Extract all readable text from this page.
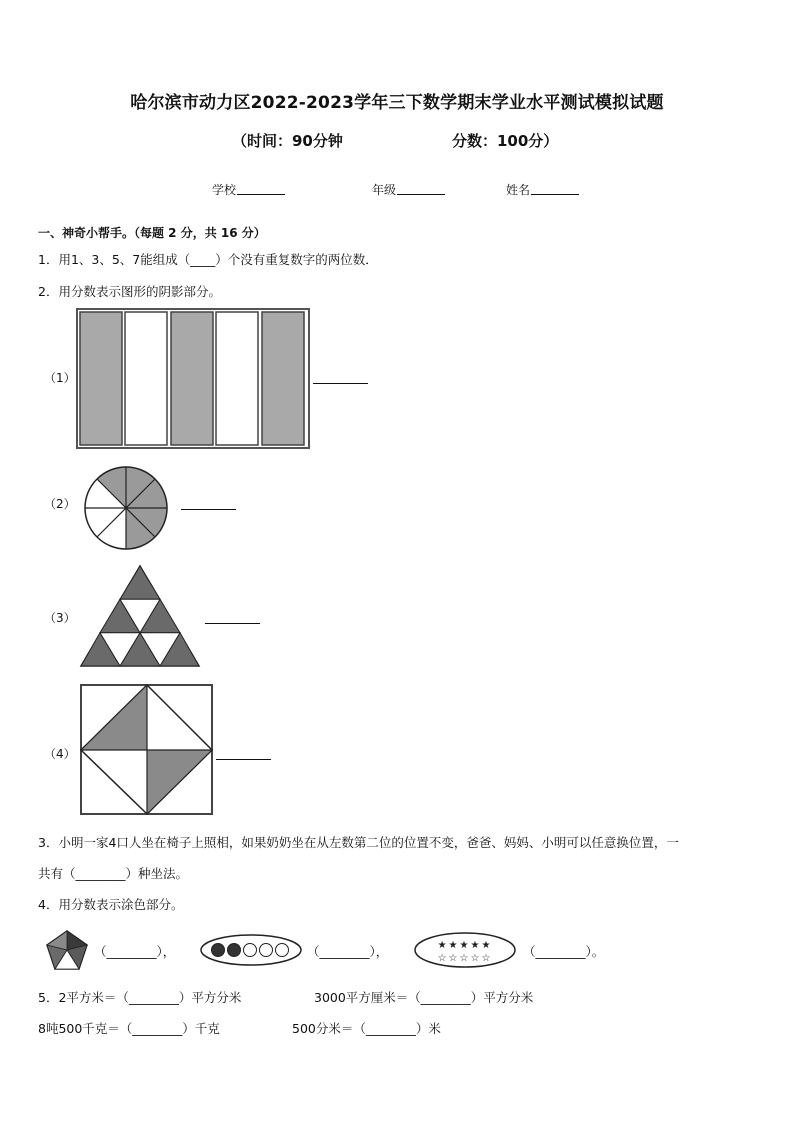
哈尔滨市动力区2022-2023学年三下数学期末学业水平测试模拟试题
（时间：90分钟	分数：100分）
学校	年级	姓名
一、神奇小帮手。（每题 2 分，共 16 分）
1．用1、3、5、7能组成（____）个没有重复数字的两位数．
2．用分数表示图形的阴影部分。
（1）
（2）
（3）
（4）
3．小明一家4口人坐在椅子上照相，如果奶奶坐在从左数第二位的位置不变，爸爸、妈妈、小明可以任意换位置，一
共有（________）种坐法。
4．用分数表示涂色部分。
（________），	（________），	★★★★★
☆☆☆☆☆ （________）。
5．2平方米＝（________）平方分米	3000平方厘米＝（________）平方分米
8吨500千克＝（________）千克	500分米＝（________）米
